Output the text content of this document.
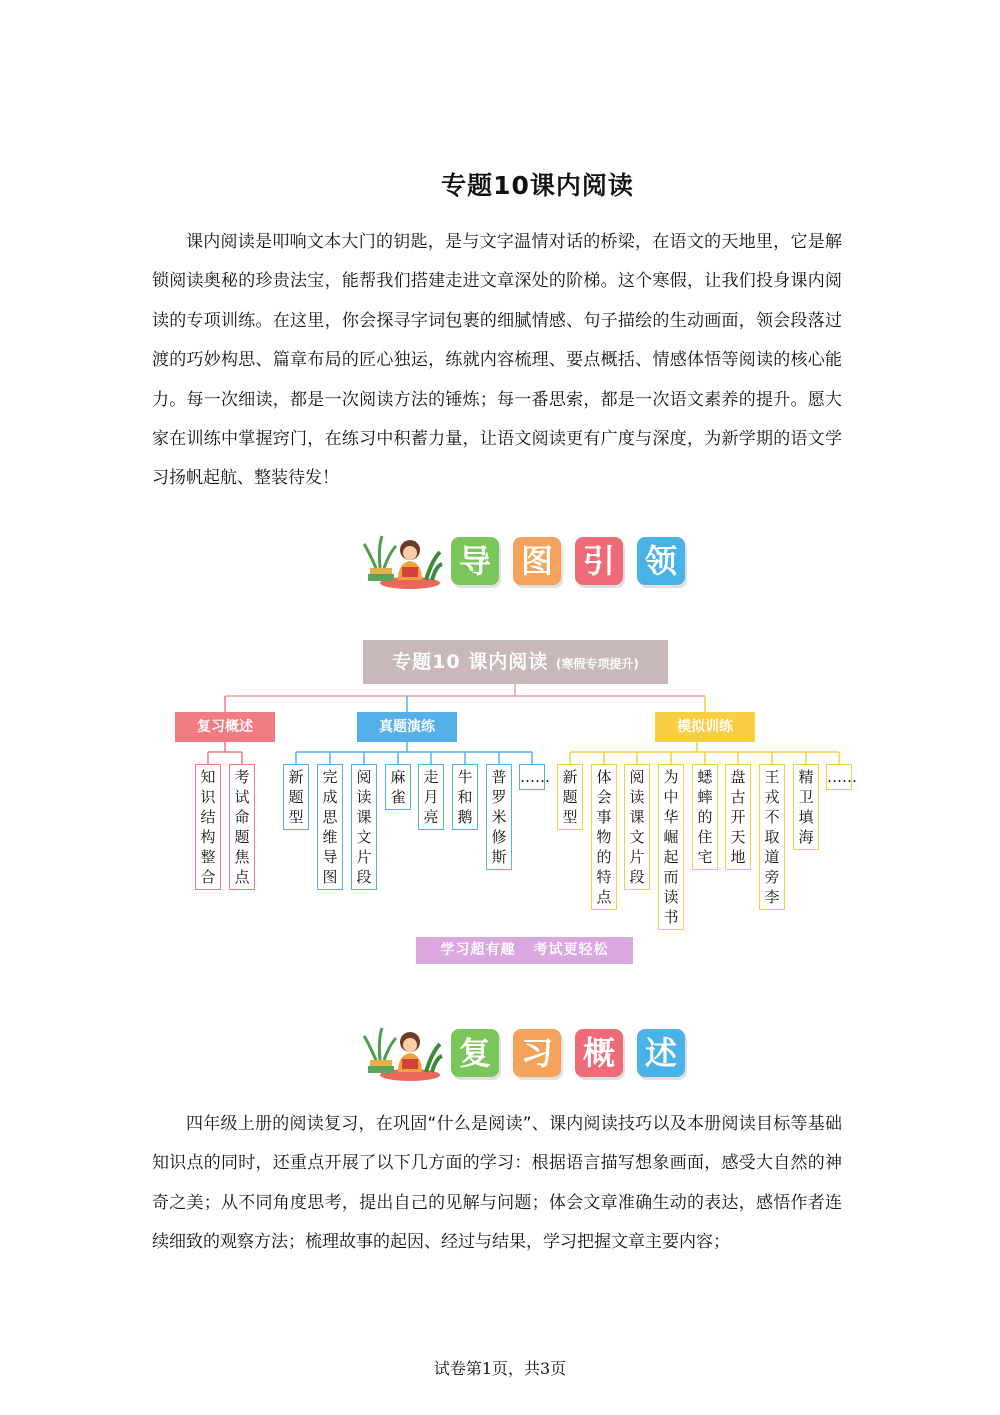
专题10课内阅读

课内阅读是叩响文本大门的钥匙，是与文字温情对话的桥梁，在语文的天地里，它是解锁阅读奥秘的珍贵法宝，能帮我们搭建走进文章深处的阶梯。这个寒假，让我们投身课内阅读的专项训练。在这里，你会探寻字词包裹的细腻情感、句子描绘的生动画面，领会段落过渡的巧妙构思、篇章布局的匠心独运，练就内容梳理、要点概括、情感体悟等阅读的核心能力。每一次细读，都是一次阅读方法的锤炼；每一番思索，都是一次语文素养的提升。愿大家在训练中掌握窍门，在练习中积蓄力量，让语文阅读更有广度与深度，为新学期的语文学习扬帆起航、整装待发！

导 图 引 领
专题10 课内阅读 (寒假专项提升)
复习概述	真题演练	模拟训练
知识结构整合
考试命题焦点
新题型
完成思维导图
阅读课文片段
麻雀
走月亮
牛和鹅
普罗米修斯
…… 新题型
体会事物的特点
阅读课文片段
为中华崛起而读书
蟋蟀的住宅
盘古开天地
王戎不取道旁李
精卫填海
……
学习超有趣 考试更轻松
复 习 概 述

四年级上册的阅读复习，在巩固“什么是阅读”、课内阅读技巧以及本册阅读目标等基础知识点的同时，还重点开展了以下几方面的学习：根据语言描写想象画面，感受大自然的神奇之美；从不同角度思考，提出自己的见解与问题；体会文章准确生动的表达，感悟作者连续细致的观察方法；梳理故事的起因、经过与结果，学习把握文章主要内容；

试卷第1页，共3页
